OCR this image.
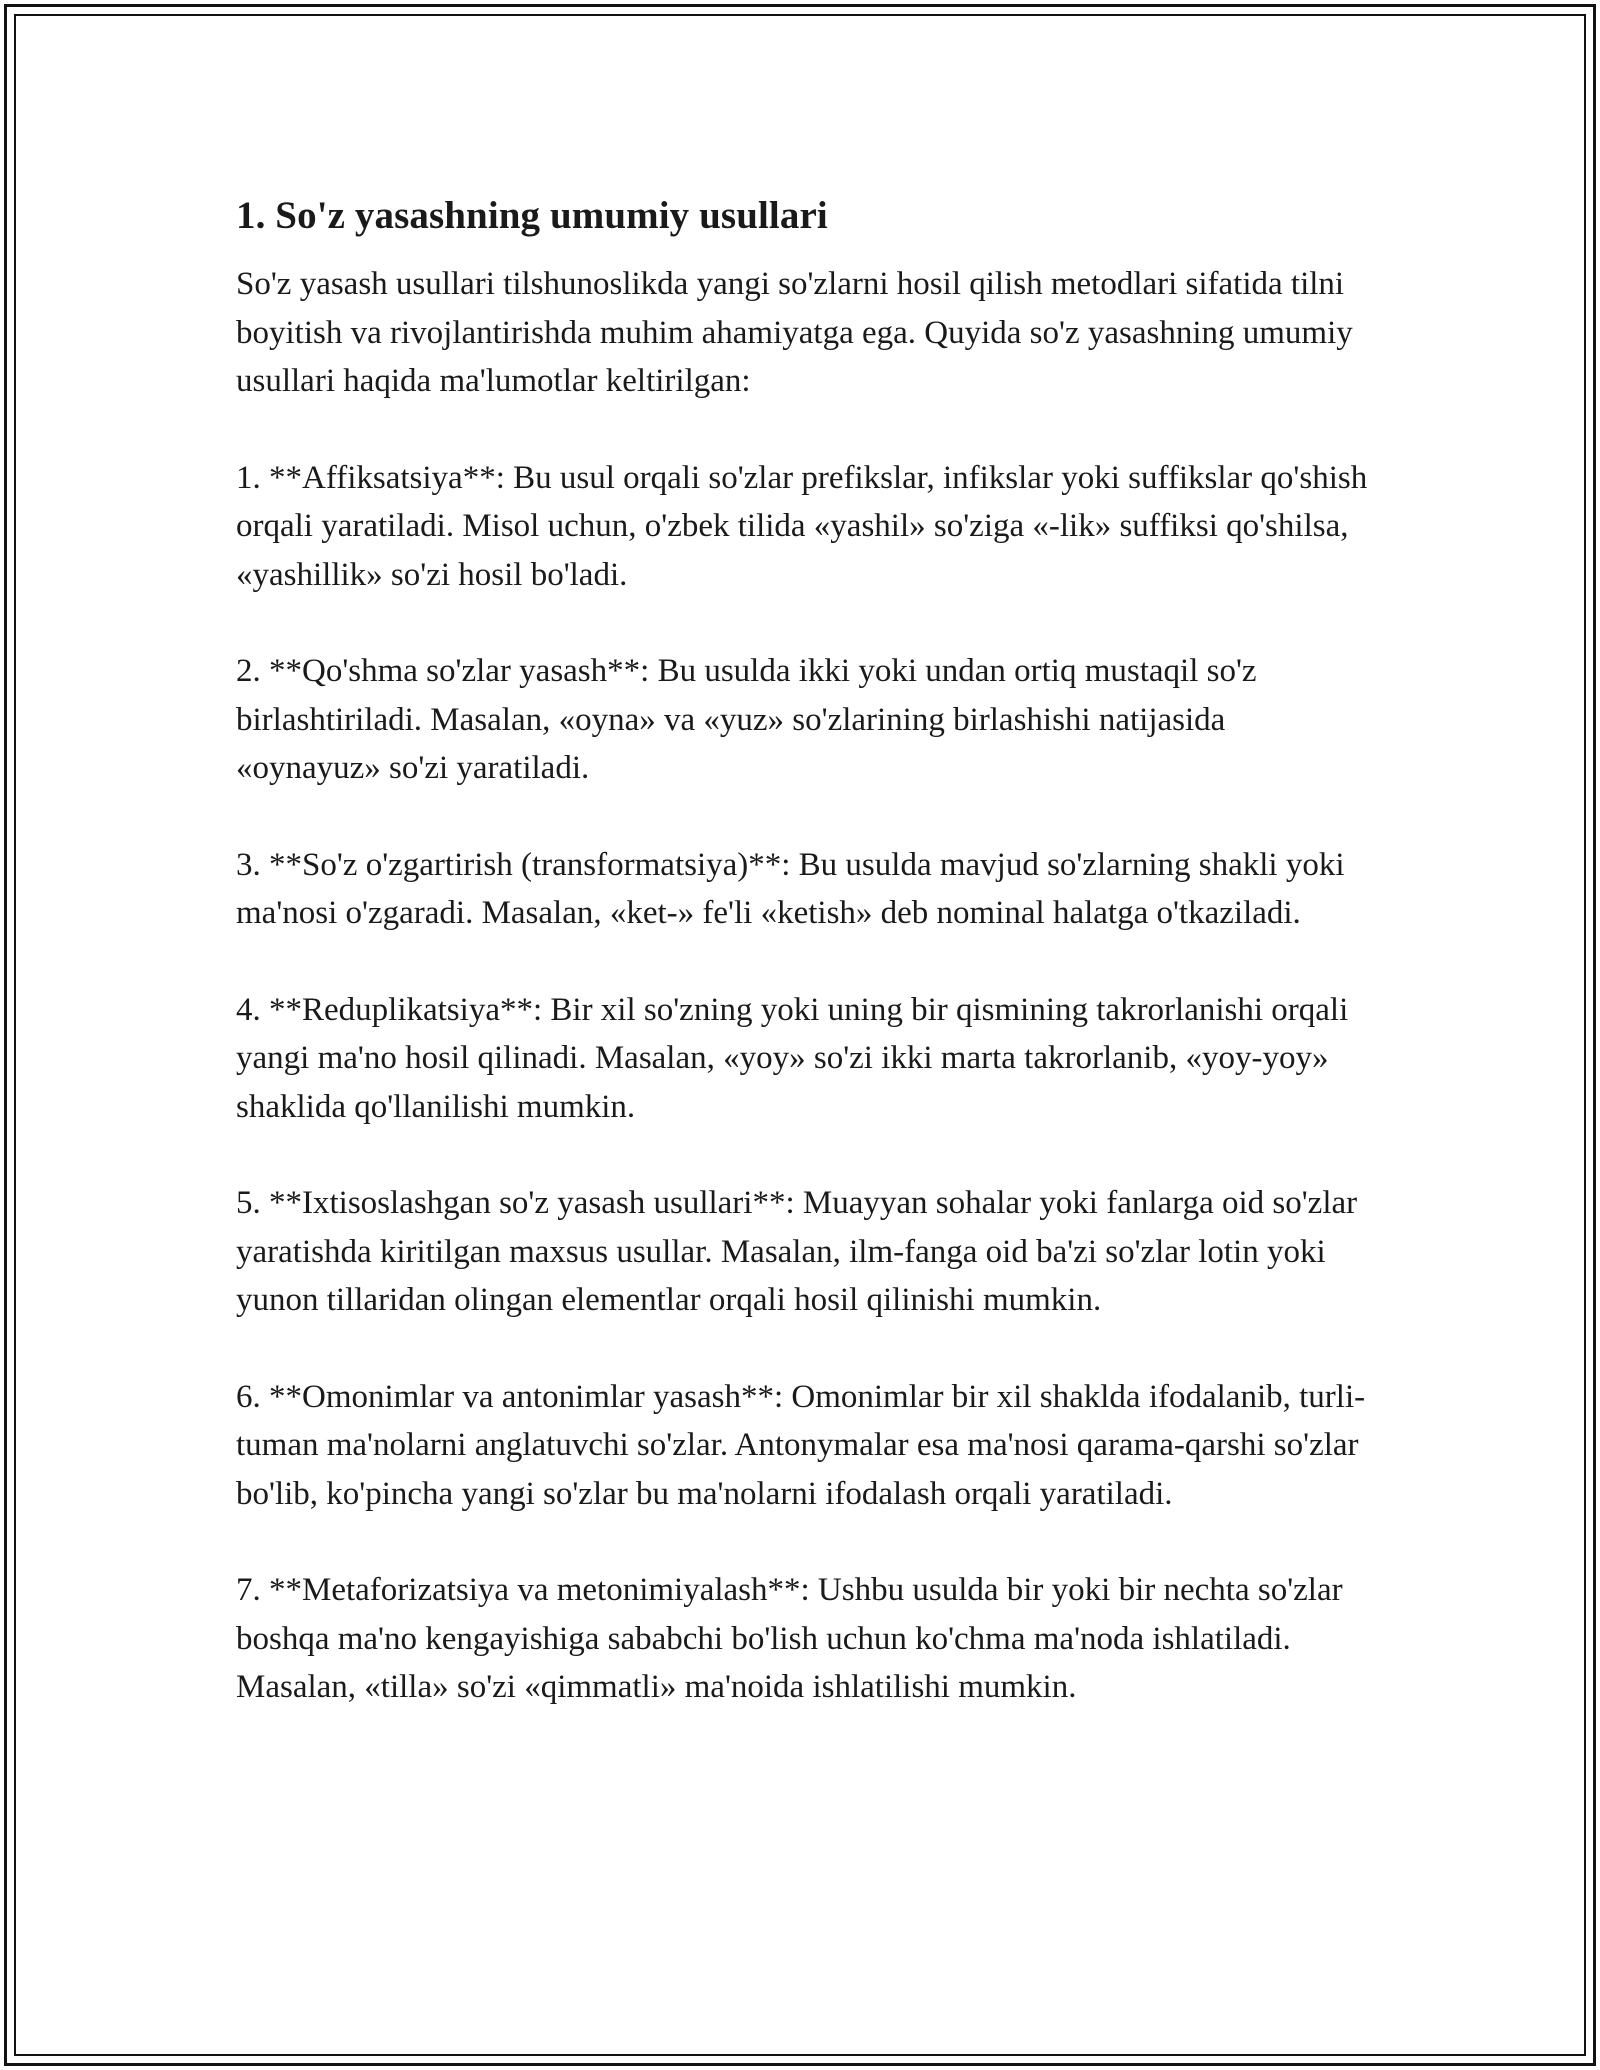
1. So'z yasashning umumiy usullari

So'z yasash usullari tilshunoslikda yangi so'zlarni hosil qilish metodlari sifatida tilni boyitish va rivojlantirishda muhim ahamiyatga ega. Quyida so'z yasashning umumiy usullari haqida ma'lumotlar keltirilgan:

1. **Affiksatsiya**: Bu usul orqali so'zlar prefikslar, infikslar yoki suffikslar qo'shish orqali yaratiladi. Misol uchun, o'zbek tilida «yashil» so'ziga «-lik» suffiksi qo'shilsa, «yashillik» so'zi hosil bo'ladi.

2. **Qo'shma so'zlar yasash**: Bu usulda ikki yoki undan ortiq mustaqil so'z birlashtiriladi. Masalan, «oyna» va «yuz» so'zlarining birlashishi natijasida «oynayuz» so'zi yaratiladi.

3. **So'z o'zgartirish (transformatsiya)**: Bu usulda mavjud so'zlarning shakli yoki ma'nosi o'zgaradi. Masalan, «ket-» fe'li «ketish» deb nominal halatga o'tkaziladi.

4. **Reduplikatsiya**: Bir xil so'zning yoki uning bir qismining takrorlanishi orqali yangi ma'no hosil qilinadi. Masalan, «yoy» so'zi ikki marta takrorlanib, «yoy-yoy» shaklida qo'llanilishi mumkin.

5. **Ixtisoslashgan so'z yasash usullari**: Muayyan sohalar yoki fanlarga oid so'zlar yaratishda kiritilgan maxsus usullar. Masalan, ilm-fanga oid ba'zi so'zlar lotin yoki yunon tillaridan olingan elementlar orqali hosil qilinishi mumkin.

6. **Omonimlar va antonimlar yasash**: Omonimlar bir xil shaklda ifodalanib, turli-tuman ma'nolarni anglatuvchi so'zlar. Antonymalar esa ma'nosi qarama-qarshi so'zlar bo'lib, ko'pincha yangi so'zlar bu ma'nolarni ifodalash orqali yaratiladi.

7. **Metaforizatsiya va metonimiyalash**: Ushbu usulda bir yoki bir nechta so'zlar boshqa ma'no kengayishiga sababchi bo'lish uchun ko'chma ma'noda ishlatiladi. Masalan, «tilla» so'zi «qimmatli» ma'noida ishlatilishi mumkin.
